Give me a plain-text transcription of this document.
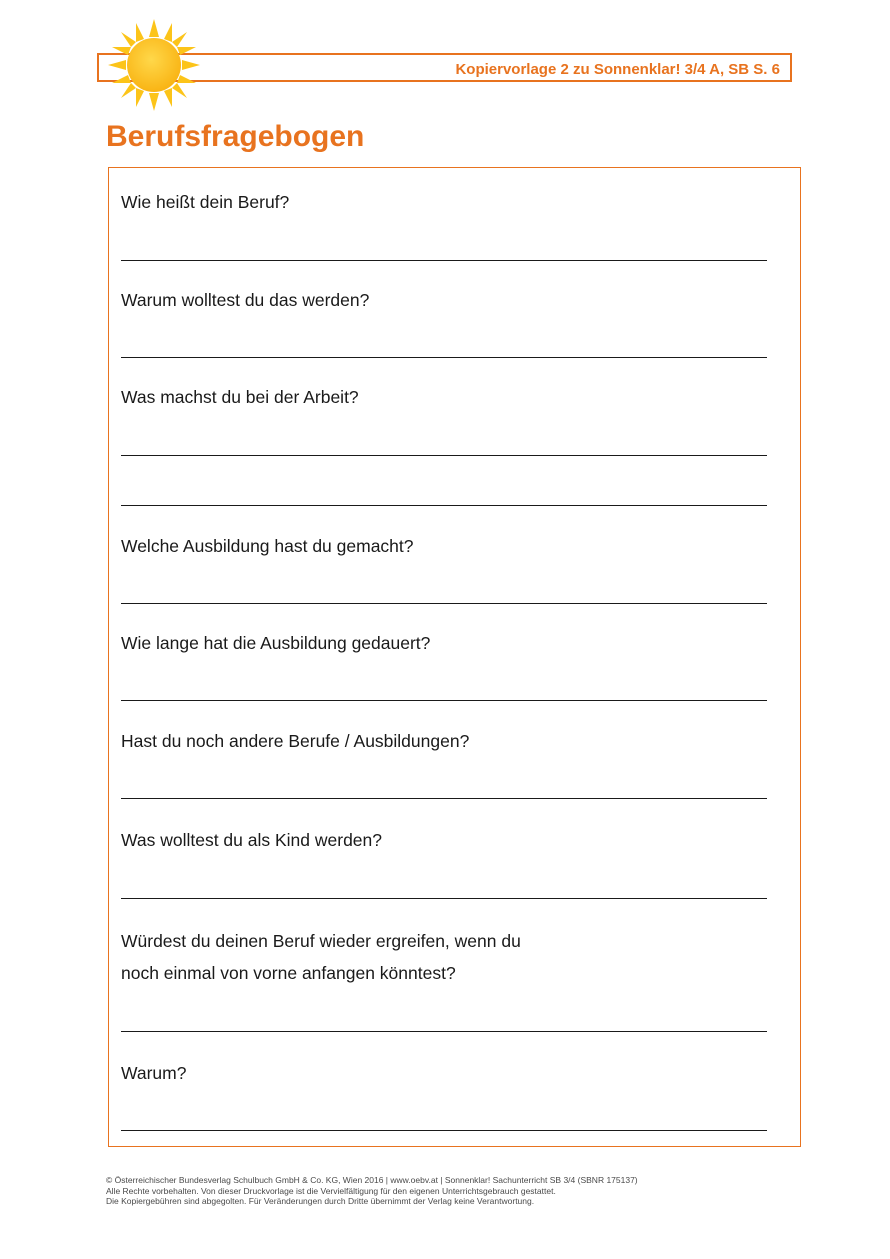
Kopiervorlage 2 zu Sonnenklar! 3/4 A, SB S. 6
Berufsfragebogen
Wie heißt dein Beruf?
Warum wolltest du das werden?
Was machst du bei der Arbeit?
Welche Ausbildung hast du gemacht?
Wie lange hat die Ausbildung gedauert?
Hast du noch andere Berufe / Ausbildungen?
Was wolltest du als Kind werden?
Würdest du deinen Beruf wieder ergreifen, wenn du
noch einmal von vorne anfangen könntest?
Warum?
© Österreichischer Bundesverlag Schulbuch GmbH & Co. KG, Wien 2016 | www.oebv.at | Sonnenklar! Sachunterricht SB 3/4 (SBNR 175137)
Alle Rechte vorbehalten. Von dieser Druckvorlage ist die Vervielfältigung für den eigenen Unterrichtsgebrauch gestattet.
Die Kopiergebühren sind abgegolten. Für Veränderungen durch Dritte übernimmt der Verlag keine Verantwortung.
